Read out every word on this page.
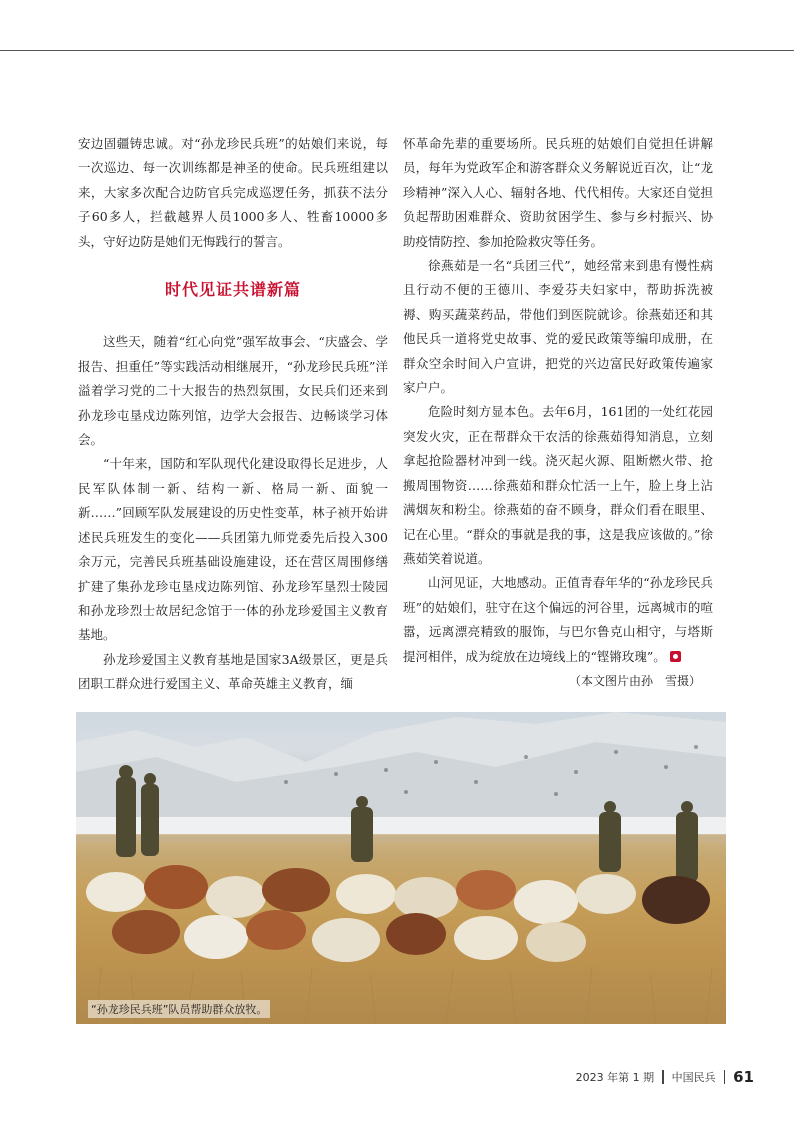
安边固疆铸忠诚。对“孙龙珍民兵班”的姑娘们来说，每一次巡边、每一次训练都是神圣的使命。民兵班组建以来，大家多次配合边防官兵完成巡逻任务，抓获不法分子60多人，拦截越界人员1000多人、牲畜10000多头，守好边防是她们无悔践行的誓言。

时代见证共谱新篇

这些天，随着“红心向党”强军故事会、“庆盛会、学报告、担重任”等实践活动相继展开，“孙龙珍民兵班”洋溢着学习党的二十大报告的热烈氛围，女民兵们还来到孙龙珍屯垦戍边陈列馆，边学大会报告、边畅谈学习体会。

“十年来，国防和军队现代化建设取得长足进步，人民军队体制一新、结构一新、格局一新、面貌一新……”回顾军队发展建设的历史性变革，林子祯开始讲述民兵班发生的变化——兵团第九师党委先后投入300余万元，完善民兵班基础设施建设，还在营区周围修缮扩建了集孙龙珍屯垦戍边陈列馆、孙龙珍军垦烈士陵园和孙龙珍烈士故居纪念馆于一体的孙龙珍爱国主义教育基地。

孙龙珍爱国主义教育基地是国家3A级景区，更是兵团职工群众进行爱国主义、革命英雄主义教育，缅

怀革命先辈的重要场所。民兵班的姑娘们自觉担任讲解员，每年为党政军企和游客群众义务解说近百次，让“龙珍精神”深入人心、辐射各地、代代相传。大家还自觉担负起帮助困难群众、资助贫困学生、参与乡村振兴、协助疫情防控、参加抢险救灾等任务。

徐燕茹是一名“兵团三代”，她经常来到患有慢性病且行动不便的王德川、李爱芬夫妇家中，帮助拆洗被褥、购买蔬菜药品，带他们到医院就诊。徐燕茹还和其他民兵一道将党史故事、党的爱民政策等编印成册，在群众空余时间入户宣讲，把党的兴边富民好政策传遍家家户户。

危险时刻方显本色。去年6月，161团的一处红花园突发火灾，正在帮群众干农活的徐燕茹得知消息，立刻拿起抢险器材冲到一线。浇灭起火源、阻断燃火带、抢搬周围物资……徐燕茹和群众忙活一上午，脸上身上沾满烟灰和粉尘。徐燕茹的奋不顾身，群众们看在眼里、记在心里。“群众的事就是我的事，这是我应该做的。”徐燕茹笑着说道。

山河见证，大地感动。正值青春年华的“孙龙珍民兵班”的姑娘们，驻守在这个偏远的河谷里，远离城市的喧嚣，远离漂亮精致的服饰，与巴尔鲁克山相守，与塔斯提河相伴，成为绽放在边境线上的“铿锵玫瑰”。

（本文图片由孙　雪摄）

“孙龙珍民兵班”队员帮助群众放牧。
2023 年第 1 期 中国民兵 61
